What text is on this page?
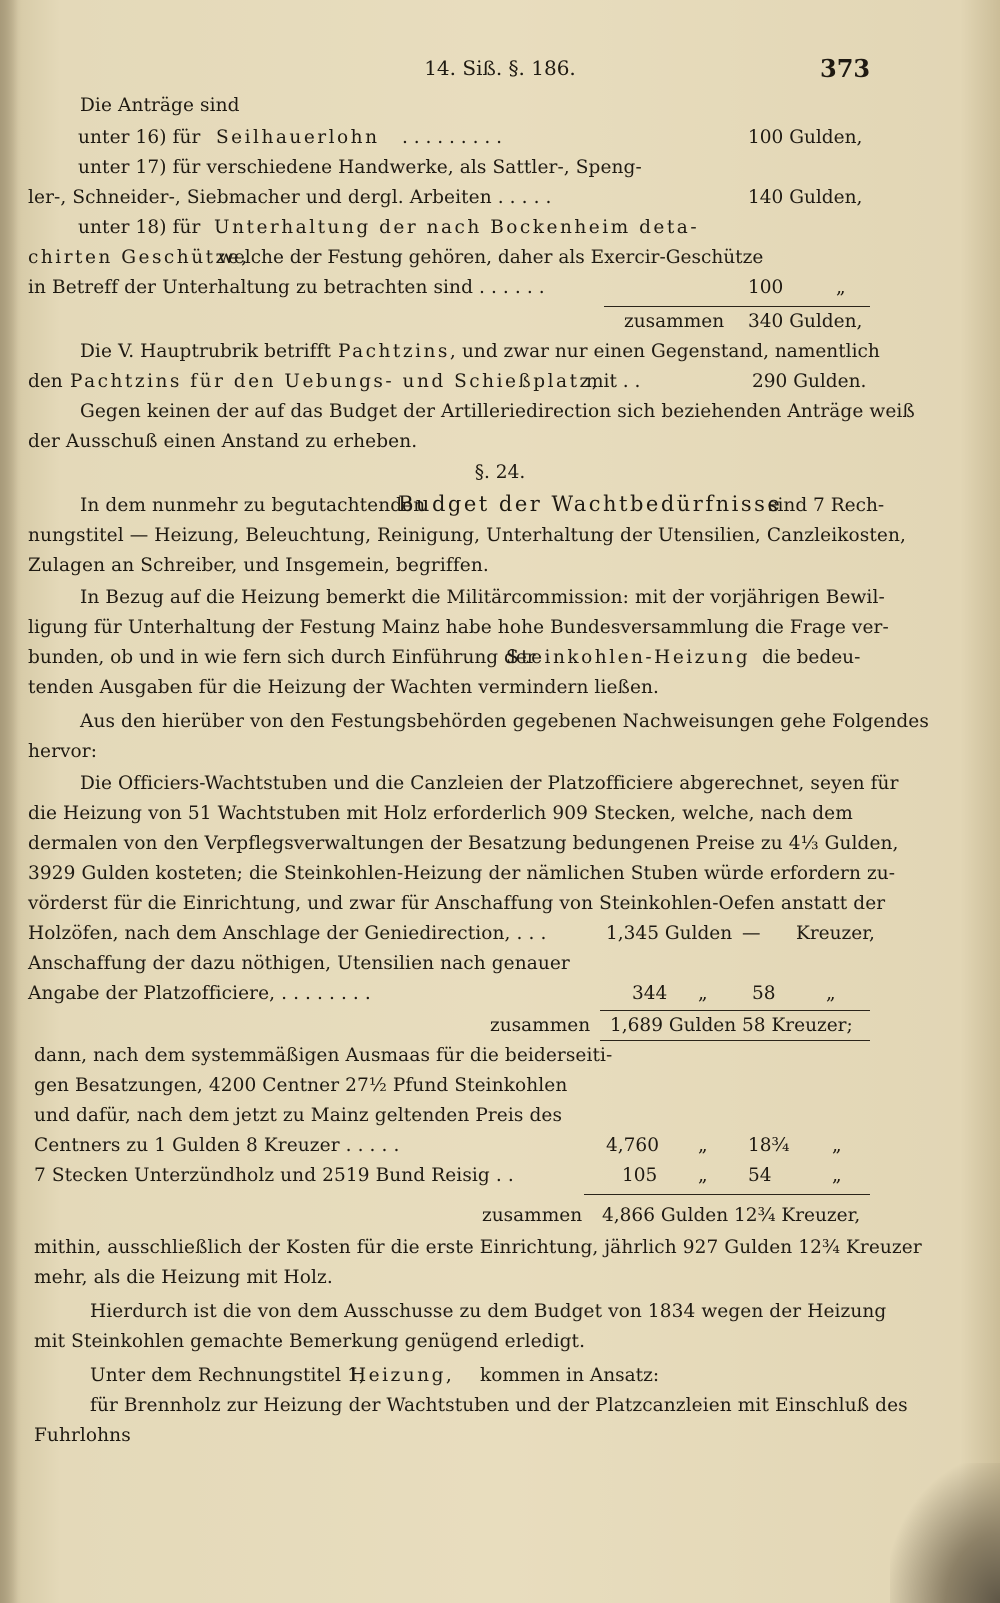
14. Siß. §. 186.	373
Die Anträge sind
unter 16) für Seilhauerlohn . . . . . . . . .	100 Gulden,
unter 17) für verschiedene Handwerke, als Sattler-, Speng-
ler-, Schneider-, Siebmacher und dergl. Arbeiten . . . . .	140 Gulden,
unter 18) für Unterhaltung der nach Bockenheim deta-
chirten Geschütze,
welche der Festung gehören, daher als Exercir-Geschütze
in Betreff der Unterhaltung zu betrachten sind . . . . . .	100	„
zusammen 340 Gulden,
Die V. Hauptrubrik betrifft Pachtzins, und zwar nur einen Gegenstand, namentlich
den Pachtzins für den Uebungs- und Schießplatz,
mit . .	290 Gulden.
Gegen keinen der auf das Budget der Artilleriedirection sich beziehenden Anträge weiß
der Ausschuß einen Anstand zu erheben.
§. 24.
In dem nunmehr zu begutachtenden
Budget der Wachtbedürfnisse
sind 7 Rech-
nungstitel — Heizung, Beleuchtung, Reinigung, Unterhaltung der Utensilien, Canzleikosten,
Zulagen an Schreiber, und Insgemein, begriffen.
In Bezug auf die Heizung bemerkt die Militärcommission: mit der vorjährigen Bewil-
ligung für Unterhaltung der Festung Mainz habe hohe Bundesversammlung die Frage ver-
bunden, ob und in wie fern sich durch Einführung der
Steinkohlen-Heizung die bedeu-
tenden Ausgaben für die Heizung der Wachten vermindern ließen.
Aus den hierüber von den Festungsbehörden gegebenen Nachweisungen gehe Folgendes
hervor:
Die Officiers-Wachtstuben und die Canzleien der Platzofficiere abgerechnet, seyen für
die Heizung von 51 Wachtstuben mit Holz erforderlich 909 Stecken, welche, nach dem
dermalen von den Verpflegsverwaltungen der Besatzung bedungenen Preise zu 4⅓ Gulden,
3929 Gulden kosteten; die Steinkohlen-Heizung der nämlichen Stuben würde erfordern zu-
vörderst für die Einrichtung, und zwar für Anschaffung von Steinkohlen-Oefen anstatt der
Holzöfen, nach dem Anschlage der Geniedirection, . . .	1,345 Gulden — Kreuzer,
Anschaffung der dazu nöthigen, Utensilien nach genauer
Angabe der Platzofficiere, . . . . . . . .	344 „ 58	„
zusammen 1,689 Gulden 58 Kreuzer;
dann, nach dem systemmäßigen Ausmaas für die beiderseiti-
gen Besatzungen, 4200 Centner 27½ Pfund Steinkohlen
und dafür, nach dem jetzt zu Mainz geltenden Preis des
Centners zu 1 Gulden 8 Kreuzer . . . . .	4,760 „ 18¾ „
7 Stecken Unterzündholz und 2519 Bund Reisig . .	105 „ 54	„
zusammen 4,866 Gulden 12¾ Kreuzer,
mithin, ausschließlich der Kosten für die erste Einrichtung, jährlich 927 Gulden 12¾ Kreuzer
mehr, als die Heizung mit Holz.
Hierdurch ist die von dem Ausschusse zu dem Budget von 1834 wegen der Heizung
mit Steinkohlen gemachte Bemerkung genügend erledigt.
Unter dem Rechnungstitel 1,
Heizung, kommen in Ansatz:
für Brennholz zur Heizung der Wachtstuben und der Platzcanzleien mit Einschluß des
Fuhrlohns
